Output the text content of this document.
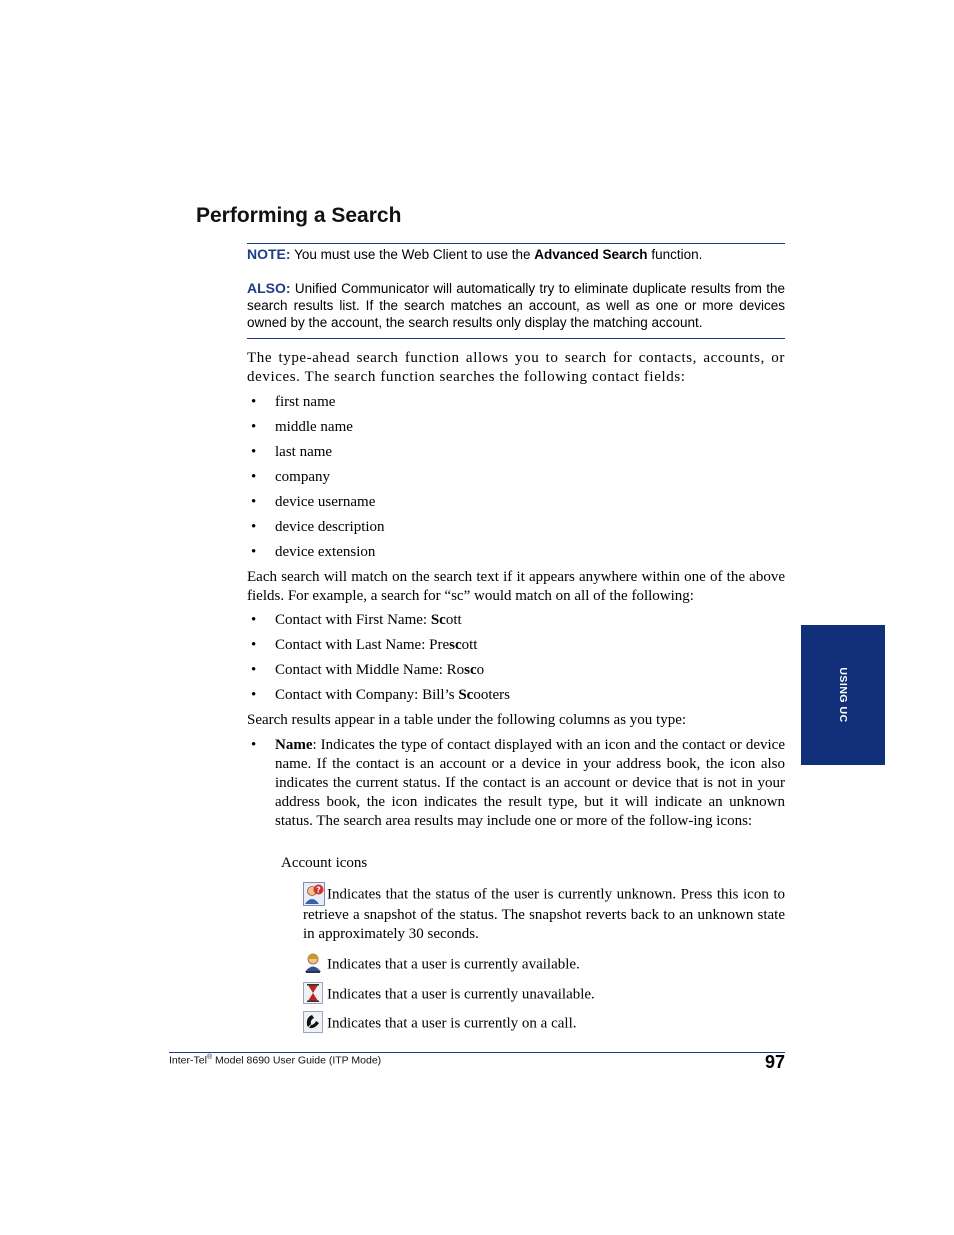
Performing a Search
NOTE: You must use the Web Client to use the Advanced Search function.
ALSO: Unified Communicator will automatically try to eliminate duplicate results from the search results list. If the search matches an account, as well as one or more devices owned by the account, the search results only display the matching account.
The type-ahead search function allows you to search for contacts, accounts, or devices. The search function searches the following contact fields:
•	first name
•	middle name
•	last name
•	company
•	device username
•	device description
•	device extension
Each search will match on the search text if it appears anywhere within one of the above fields. For example, a search for “sc” would match on all of the following:
•	Contact with First Name: Scott
•	Contact with Last Name: Prescott
•	Contact with Middle Name: Rosco
•	Contact with Company: Bill’s Scooters
Search results appear in a table under the following columns as you type:
• Name: Indicates the type of contact displayed with an icon and the contact or device name. If the contact is an account or a device in your address book, the icon also indicates the current status. If the contact is an account or device that is not in your address book, the icon indicates the result type, but it will indicate an unknown status. The search area results may include one or more of the follow-ing icons:
Account icons
? Indicates that the status of the user is currently unknown. Press this icon to retrieve a snapshot of the status. The snapshot reverts back to an unknown state in approximately 30 seconds.
Indicates that a user is currently available.
Indicates that a user is currently unavailable.
Indicates that a user is currently on a call.
USING UC
Inter-Tel® Model 8690 User Guide (ITP Mode)	97
